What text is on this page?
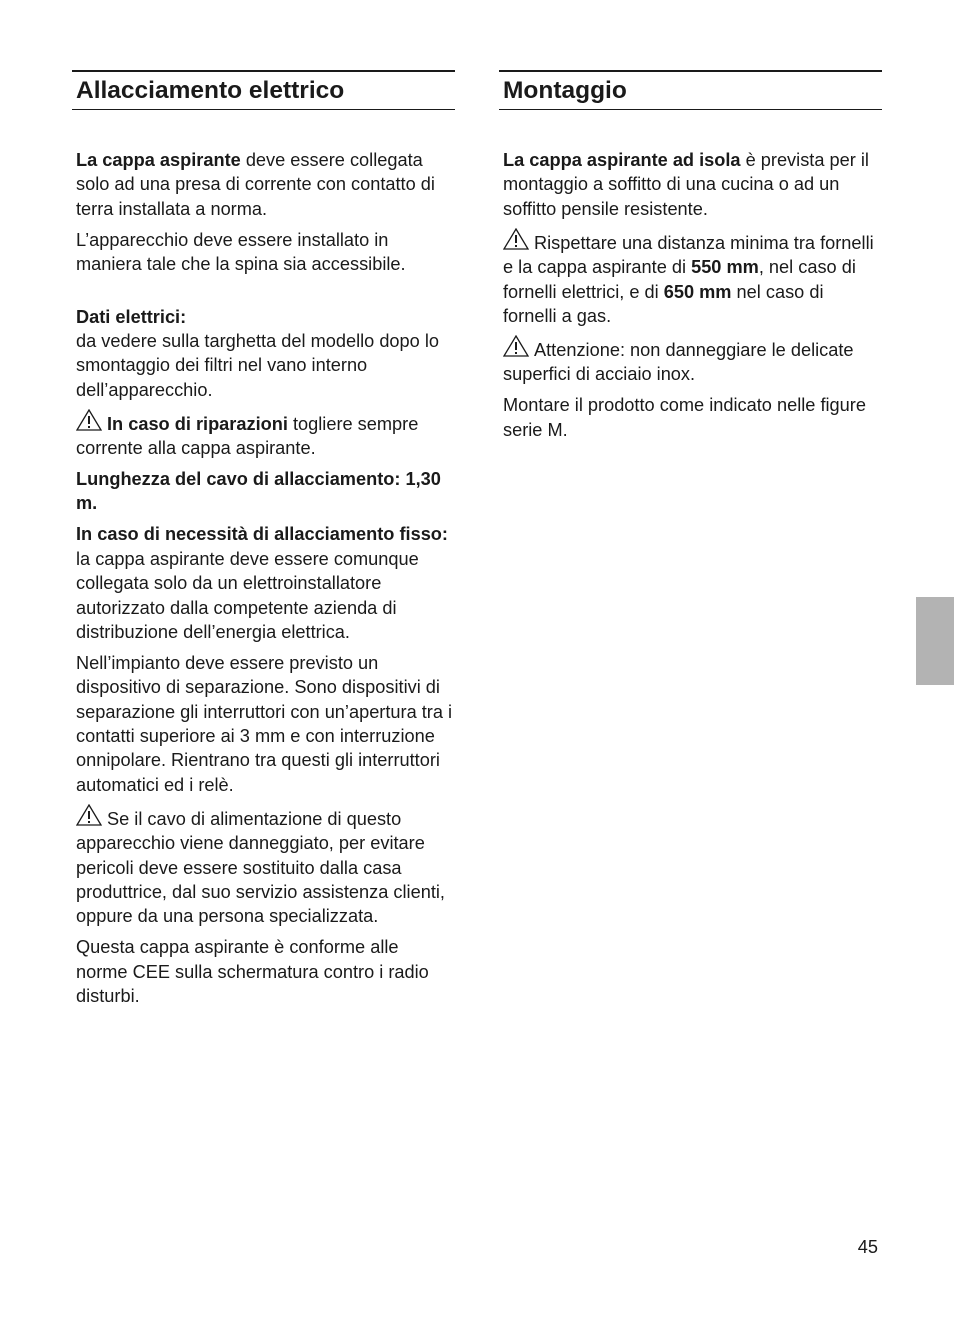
Allacciamento elettrico

La cappa aspirante deve essere collegata solo ad una presa di corrente con contatto di terra installata a norma.

L’apparecchio deve essere installato in maniera tale che la spina sia accessibile.

Dati elettrici:
da vedere sulla targhetta del modello dopo lo smontaggio dei filtri nel vano interno dell’apparecchio.

In caso di riparazioni togliere sempre corrente alla cappa aspirante.

Lunghezza del cavo di allacciamento: 1,30 m.

In caso di necessità di allacciamento fisso:
la cappa aspirante deve essere comunque collegata solo da un elettroinstallatore autorizzato dalla competente azienda di distribuzione dell’energia elettrica.

Nell’impianto deve essere previsto un dispositivo di separazione. Sono dispositivi di separazione gli interruttori con un’apertura tra i contatti superiore ai 3 mm e con interruzione onnipolare. Rientrano tra questi gli interruttori automatici ed i relè.

Se il cavo di alimentazione di questo apparecchio viene danneggiato, per evitare pericoli deve essere sostituito dalla casa produttrice, dal suo servizio assistenza clienti, oppure da una persona specializzata.

Questa cappa aspirante è conforme alle norme CEE sulla schermatura contro i radio disturbi.

Montaggio

La cappa aspirante ad isola è prevista per il montaggio a soffitto di una cucina o ad un soffitto pensile resistente.

Rispettare una distanza minima tra fornelli e la cappa aspirante di 550 mm, nel caso di fornelli elettrici, e di 650 mm nel caso di fornelli a gas.

Attenzione: non danneggiare le delicate superfici di acciaio inox.

Montare il prodotto come indicato nelle figure serie M.

45
